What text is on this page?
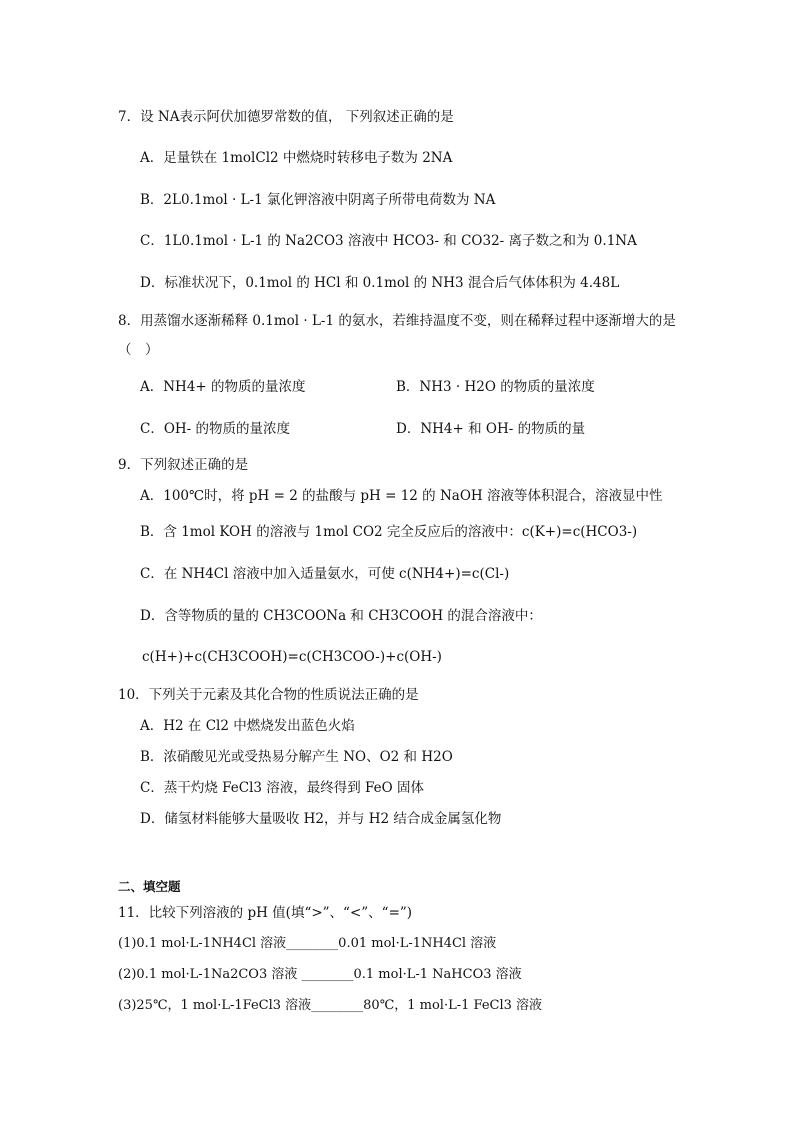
7．设 NA表示阿伏加德罗常数的值， 下列叙述正确的是
A．足量铁在 1molCl2 中燃烧时转移电子数为 2NA
B．2L0.1mol · L-1 氯化钾溶液中阴离子所带电荷数为 NA
C．1L0.1mol · L-1 的 Na2CO3 溶液中 HCO3- 和 CO32- 离子数之和为 0.1NA
D．标准状况下，0.1mol 的 HCl 和 0.1mol 的 NH3 混合后气体体积为 4.48L
8．用蒸馏水逐渐稀释 0.1mol · L-1 的氨水，若维持温度不变，则在稀释过程中逐渐增大的是
（　）
A．NH4+ 的物质的量浓度	B．NH3 · H2O 的物质的量浓度
C．OH- 的物质的量浓度	D．NH4+ 和 OH- 的物质的量
9．下列叙述正确的是
A．100℃时，将 pH = 2 的盐酸与 pH = 12 的 NaOH 溶液等体积混合，溶液显中性
B．含 1mol KOH 的溶液与 1mol CO2 完全反应后的溶液中：c(K+)=c(HCO3-)
C．在 NH4Cl 溶液中加入适量氨水，可使 c(NH4+)=c(Cl-)
D．含等物质的量的 CH3COONa 和 CH3COOH 的混合溶液中：
c(H+)+c(CH3COOH)=c(CH3COO-)+c(OH-)
10．下列关于元素及其化合物的性质说法正确的是
A．H2 在 Cl2 中燃烧发出蓝色火焰
B．浓硝酸见光或受热易分解产生 NO、O2 和 H2O
C．蒸干灼烧 FeCl3 溶液，最终得到 FeO 固体
D．储氢材料能够大量吸收 H2，并与 H2 结合成金属氢化物
二、填空题
11．比较下列溶液的 pH 值(填“>”、“<”、“=”)
(1)0.1 mol·L-1NH4Cl 溶液________0.01 mol·L-1NH4Cl 溶液
(2)0.1 mol·L-1Na2CO3 溶液 ________0.1 mol·L-1 NaHCO3 溶液
(3)25℃，1 mol·L-1FeCl3 溶液________80℃，1 mol·L-1 FeCl3 溶液
